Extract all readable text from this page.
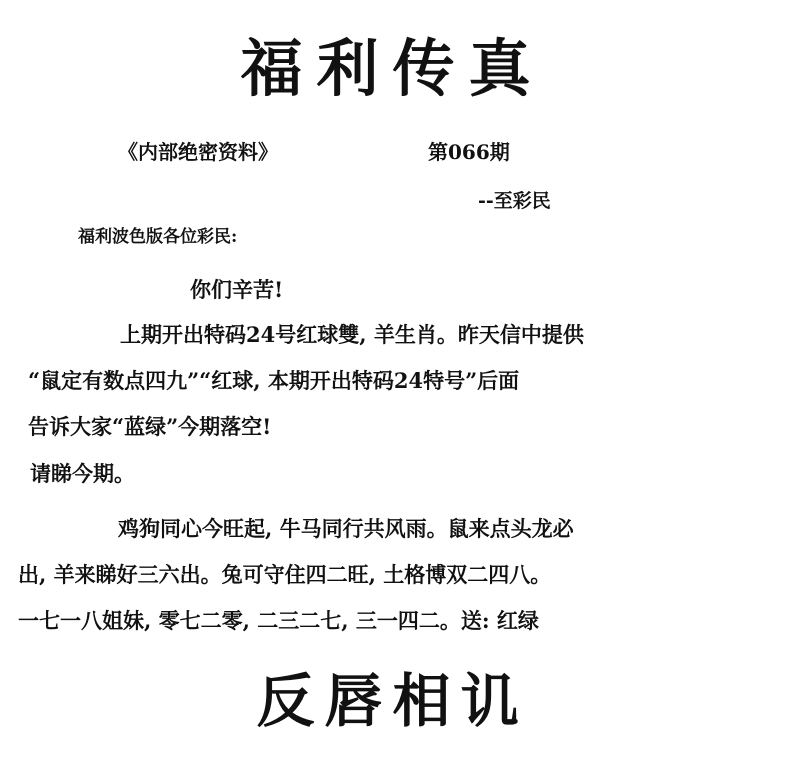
福利传真
《内部绝密资料》	第066期
--至彩民
福利波色版各位彩民:
你们辛苦!
上期开出特码24号红球雙, 羊生肖。昨天信中提供
“鼠定有数点四九”“红球, 本期开出特码24特号”后面
告诉大家“蓝绿”今期落空!
请睇今期。
鸡狗同心今旺起, 牛马同行共风雨。鼠来点头龙必
出, 羊来睇好三六出。兔可守住四二旺, 土格博双二四八。
一七一八姐妹, 零七二零, 二三二七, 三一四二。送: 红绿
反唇相讥
